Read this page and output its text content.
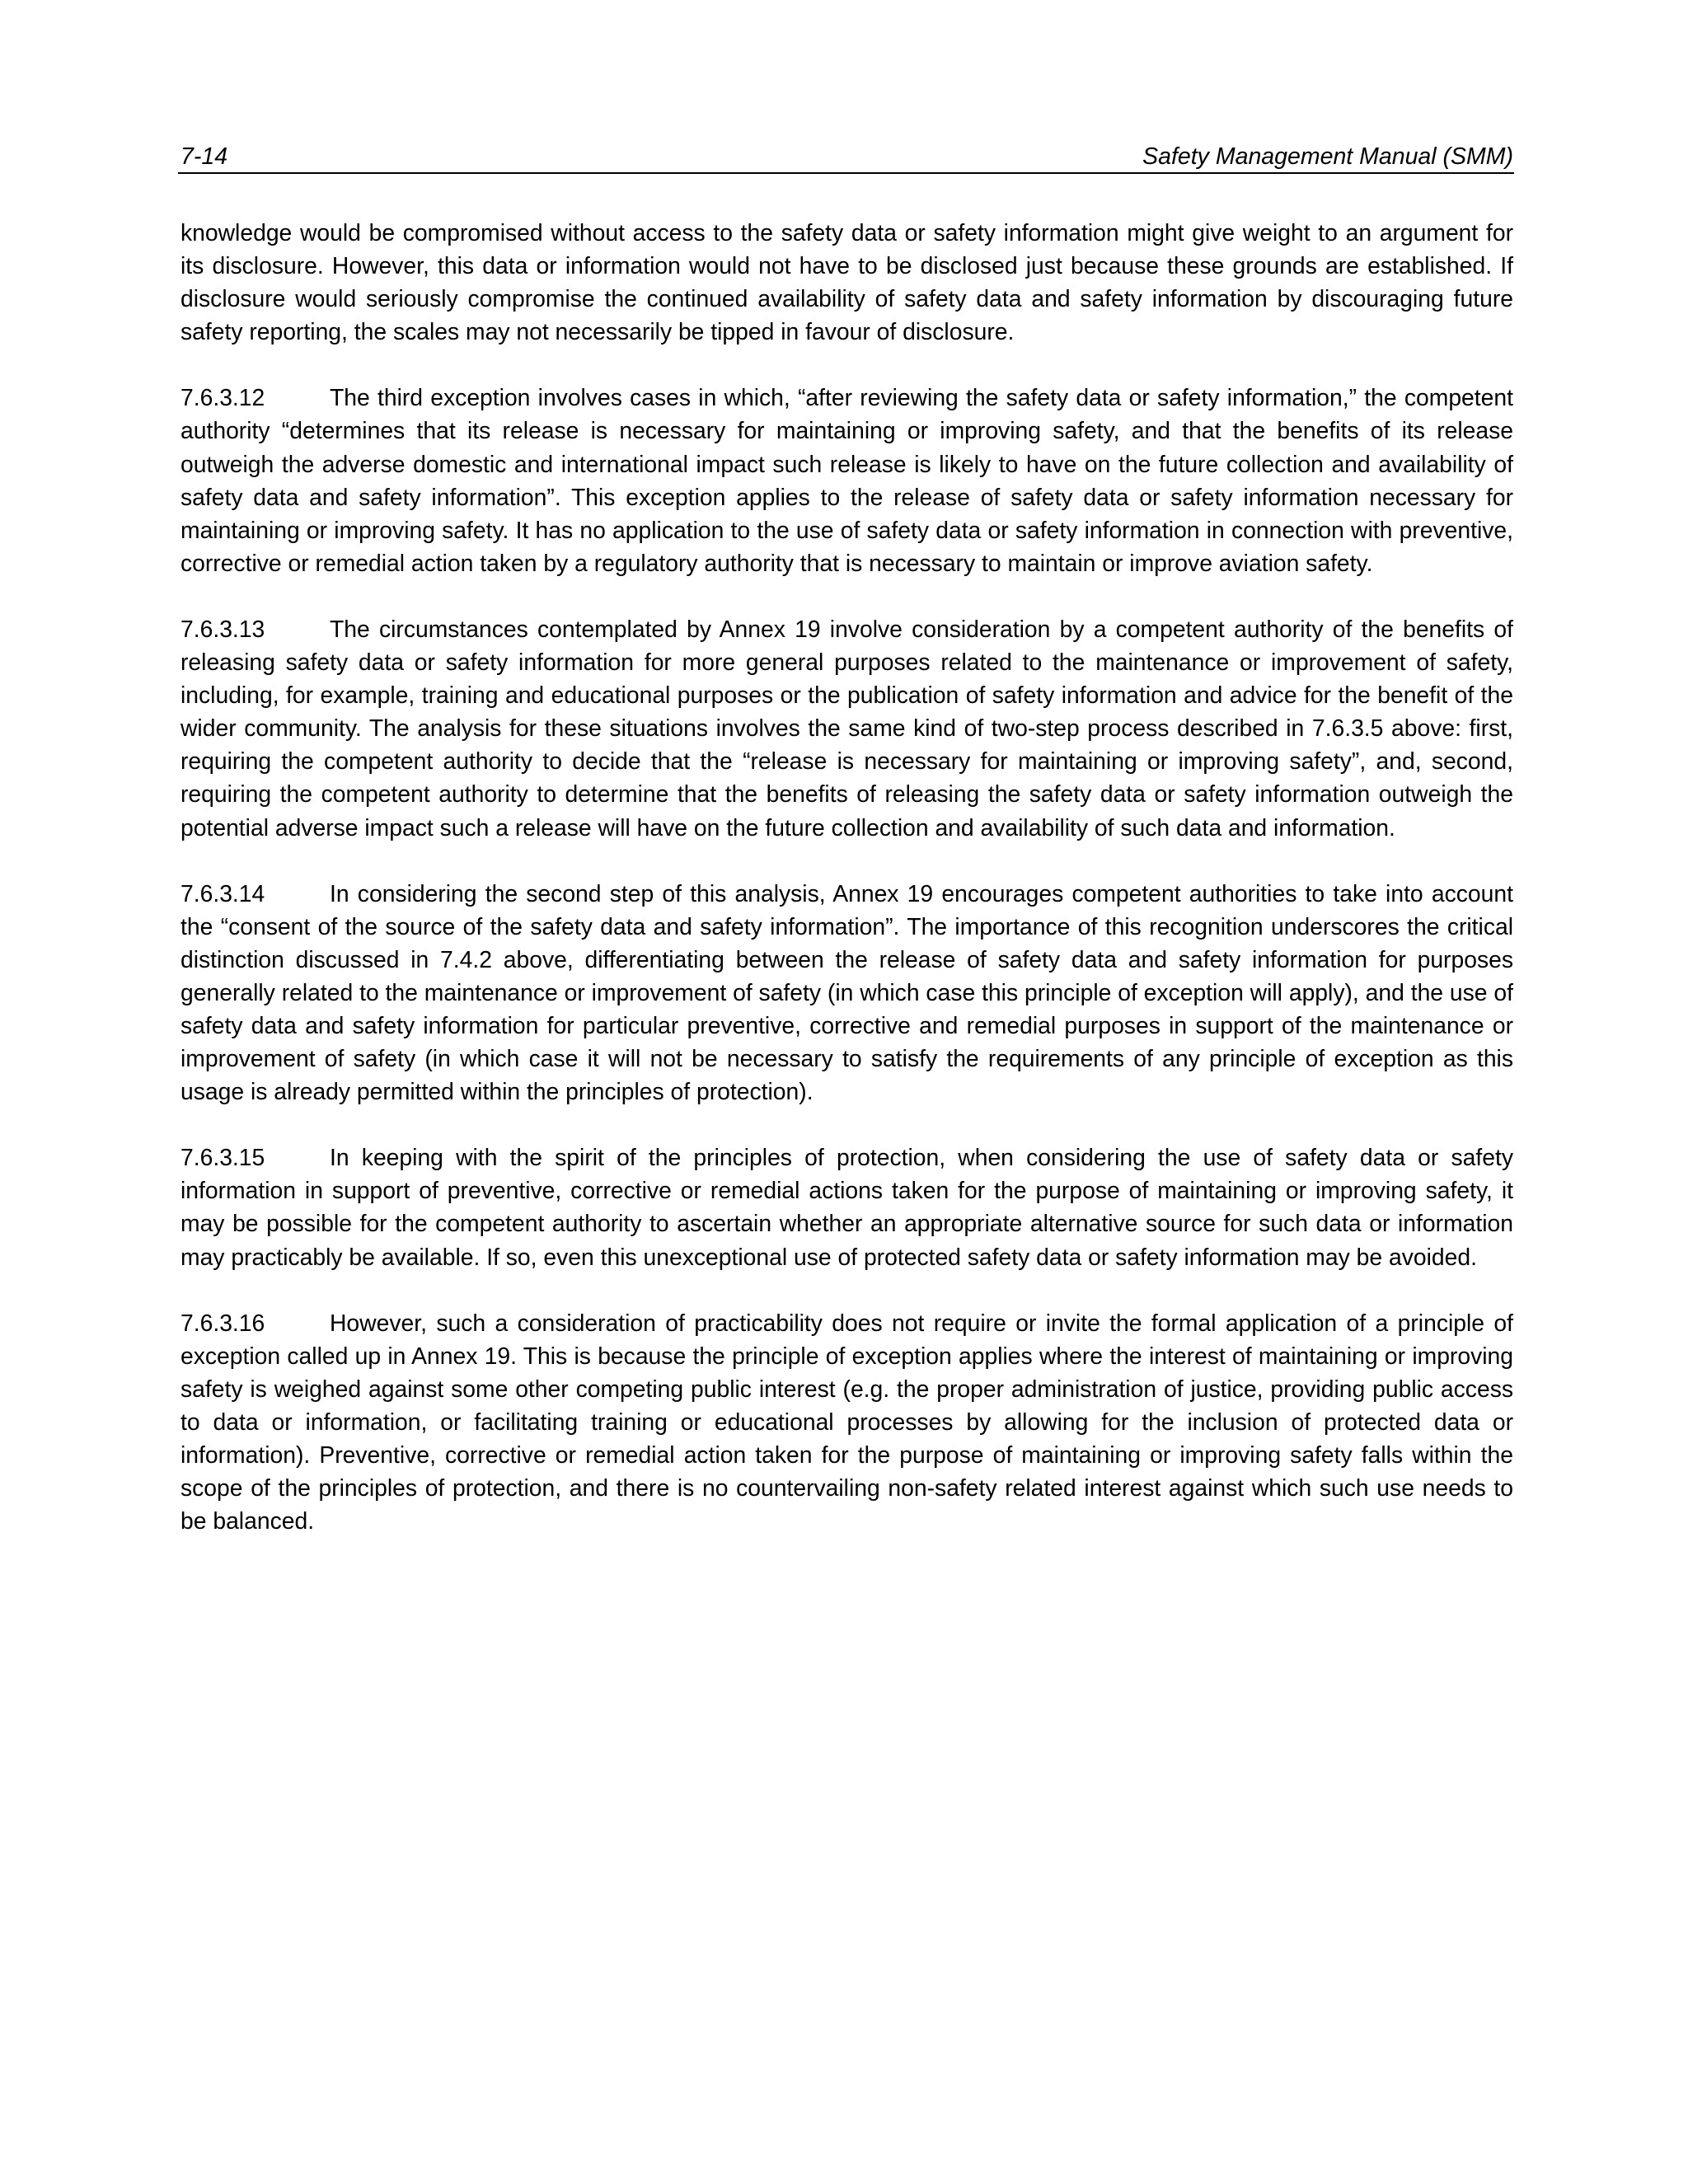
7-14	Safety Management Manual (SMM)

knowledge would be compromised without access to the safety data or safety information might give weight to an argument for its disclosure. However, this data or information would not have to be disclosed just because these grounds are established. If disclosure would seriously compromise the continued availability of safety data and safety information by discouraging future safety reporting, the scales may not necessarily be tipped in favour of disclosure.

7.6.3.12	The third exception involves cases in which, “after reviewing the safety data or safety information,” the competent authority “determines that its release is necessary for maintaining or improving safety, and that the benefits of its release outweigh the adverse domestic and international impact such release is likely to have on the future collection and availability of safety data and safety information”. This exception applies to the release of safety data or safety information necessary for maintaining or improving safety. It has no application to the use of safety data or safety information in connection with preventive, corrective or remedial action taken by a regulatory authority that is necessary to maintain or improve aviation safety.

7.6.3.13	The circumstances contemplated by Annex 19 involve consideration by a competent authority of the benefits of releasing safety data or safety information for more general purposes related to the maintenance or improvement of safety, including, for example, training and educational purposes or the publication of safety information and advice for the benefit of the wider community. The analysis for these situations involves the same kind of two-step process described in 7.6.3.5 above: first, requiring the competent authority to decide that the “release is necessary for maintaining or improving safety”, and, second, requiring the competent authority to determine that the benefits of releasing the safety data or safety information outweigh the potential adverse impact such a release will have on the future collection and availability of such data and information.

7.6.3.14	In considering the second step of this analysis, Annex 19 encourages competent authorities to take into account the “consent of the source of the safety data and safety information”. The importance of this recognition underscores the critical distinction discussed in 7.4.2 above, differentiating between the release of safety data and safety information for purposes generally related to the maintenance or improvement of safety (in which case this principle of exception will apply), and the use of safety data and safety information for particular preventive, corrective and remedial purposes in support of the maintenance or improvement of safety (in which case it will not be necessary to satisfy the requirements of any principle of exception as this usage is already permitted within the principles of protection).

7.6.3.15	In keeping with the spirit of the principles of protection, when considering the use of safety data or safety information in support of preventive, corrective or remedial actions taken for the purpose of maintaining or improving safety, it may be possible for the competent authority to ascertain whether an appropriate alternative source for such data or information may practicably be available. If so, even this unexceptional use of protected safety data or safety information may be avoided.

7.6.3.16	However, such a consideration of practicability does not require or invite the formal application of a principle of exception called up in Annex 19. This is because the principle of exception applies where the interest of maintaining or improving safety is weighed against some other competing public interest (e.g. the proper administration of justice, providing public access to data or information, or facilitating training or educational processes by allowing for the inclusion of protected data or information). Preventive, corrective or remedial action taken for the purpose of maintaining or improving safety falls within the scope of the principles of protection, and there is no countervailing non-safety related interest against which such use needs to be balanced.
